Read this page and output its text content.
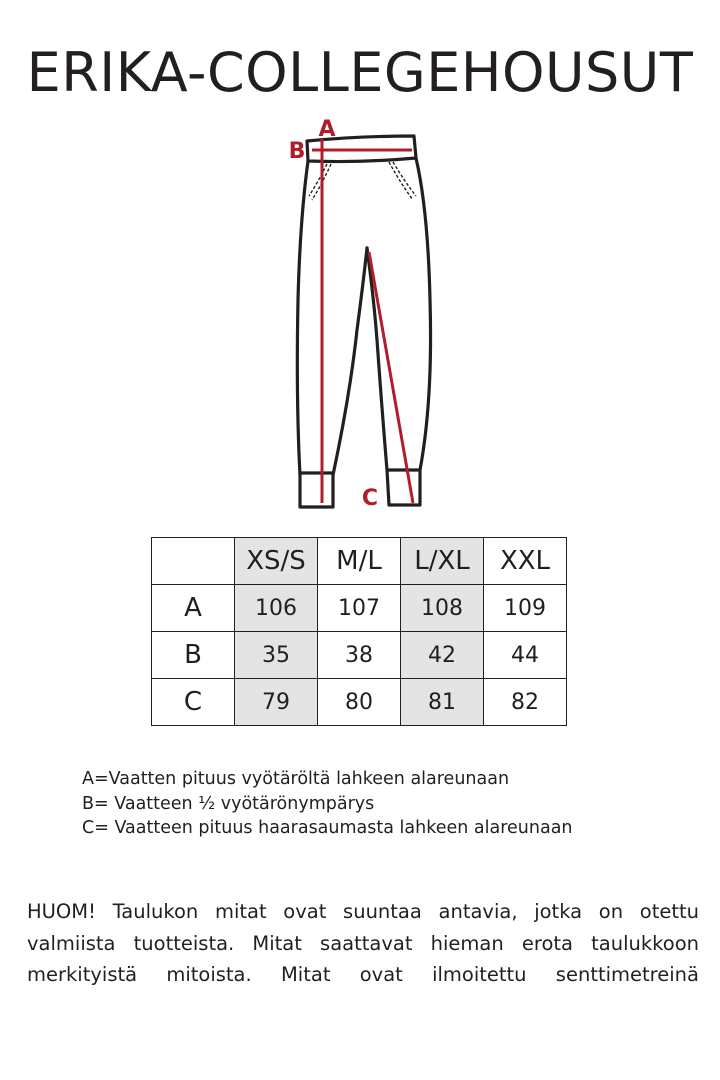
ERIKA-COLLEGEHOUSUT
A
B
C
	XS/S	M/L	L/XL	XXL
A	106	107	108	109
B	35	38	42	44
C	79	80	81	82
A=Vaatten pituus vyötäröltä lahkeen alareunaan
B= Vaatteen ½ vyötärönympärys
C= Vaatteen pituus haarasaumasta lahkeen alareunaan
HUOM! Taulukon mitat ovat suuntaa antavia, jotka on otettu valmiista tuotteista. Mitat saattavat hieman erota taulukkoon merkityistä mitoista. Mitat ovat ilmoitettu senttimetreinä
